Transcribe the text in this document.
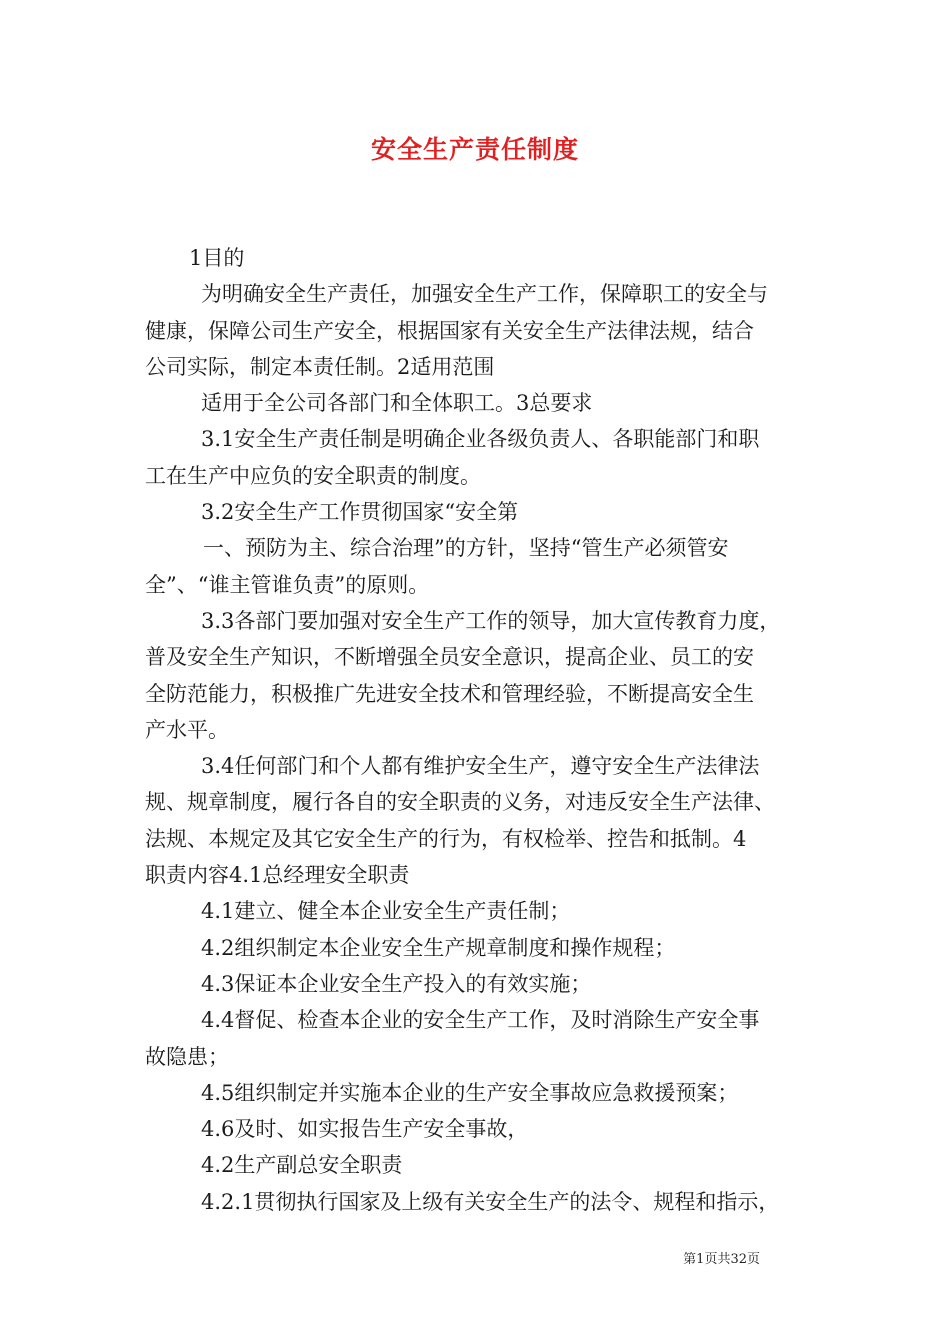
安全生产责任制度
1目的
为明确安全生产责任，加强安全生产工作，保障职工的安全与
健康，保障公司生产安全，根据国家有关安全生产法律法规，结合
公司实际，制定本责任制。2适用范围
适用于全公司各部门和全体职工。3总要求
3.1安全生产责任制是明确企业各级负责人、各职能部门和职
工在生产中应负的安全职责的制度。
3.2安全生产工作贯彻国家“安全第
一、预防为主、综合治理”的方针，坚持“管生产必须管安
全”、“谁主管谁负责”的原则。
3.3各部门要加强对安全生产工作的领导，加大宣传教育力度，
普及安全生产知识，不断增强全员安全意识，提高企业、员工的安
全防范能力，积极推广先进安全技术和管理经验，不断提高安全生
产水平。
3.4任何部门和个人都有维护安全生产，遵守安全生产法律法
规、规章制度，履行各自的安全职责的义务，对违反安全生产法律、
法规、本规定及其它安全生产的行为，有权检举、控告和抵制。4
职责内容4.1总经理安全职责
4.1建立、健全本企业安全生产责任制；
4.2组织制定本企业安全生产规章制度和操作规程；
4.3保证本企业安全生产投入的有效实施；
4.4督促、检查本企业的安全生产工作，及时消除生产安全事
故隐患；
4.5组织制定并实施本企业的生产安全事故应急救援预案；
4.6及时、如实报告生产安全事故，
4.2生产副总安全职责
4.2.1贯彻执行国家及上级有关安全生产的法令、规程和指示，
第1页共32页
